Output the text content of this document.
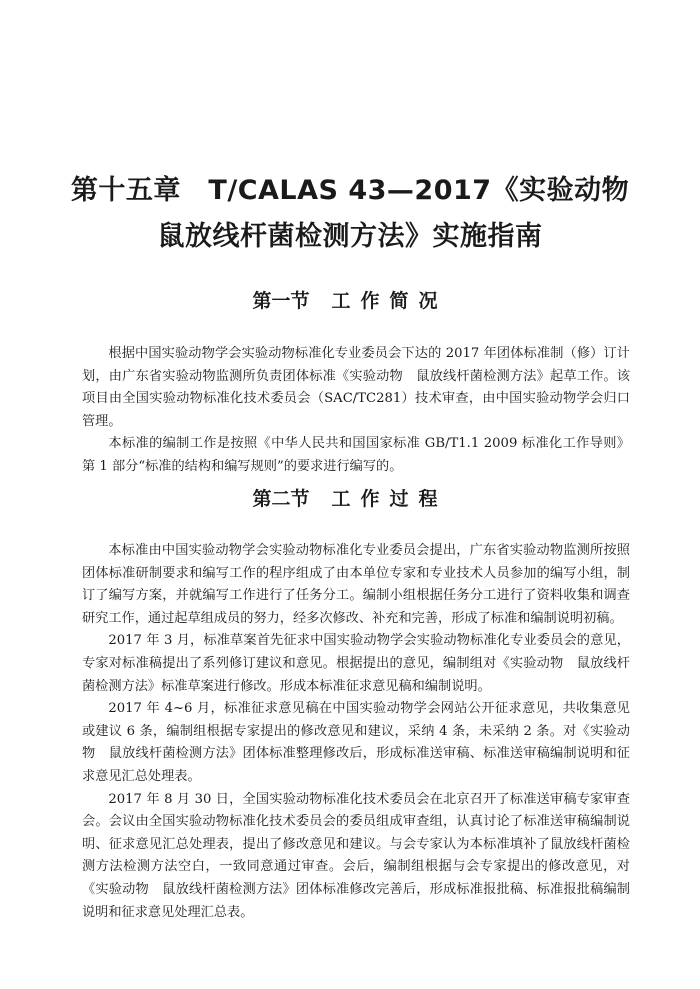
第十五章　T/CALAS 43—2017《实验动物　鼠放线杆菌检测方法》实施指南
第一节 工作简况

根据中国实验动物学会实验动物标准化专业委员会下达的 2017 年团体标准制（修）订计划，由广东省实验动物监测所负责团体标准《实验动物　鼠放线杆菌检测方法》起草工作。该项目由全国实验动物标准化技术委员会（SAC/TC281）技术审查，由中国实验动物学会归口管理。

本标准的编制工作是按照《中华人民共和国国家标准 GB/T1.1 2009 标准化工作导则》第 1 部分“标准的结构和编写规则”的要求进行编写的。

第二节 工作过程

本标准由中国实验动物学会实验动物标准化专业委员会提出，广东省实验动物监测所按照团体标准研制要求和编写工作的程序组成了由本单位专家和专业技术人员参加的编写小组，制订了编写方案，并就编写工作进行了任务分工。编制小组根据任务分工进行了资料收集和调查研究工作，通过起草组成员的努力，经多次修改、补充和完善，形成了标准和编制说明初稿。

2017 年 3 月，标准草案首先征求中国实验动物学会实验动物标准化专业委员会的意见，专家对标准稿提出了系列修订建议和意见。根据提出的意见，编制组对《实验动物　鼠放线杆菌检测方法》标准草案进行修改。形成本标准征求意见稿和编制说明。

2017 年 4~6 月，标准征求意见稿在中国实验动物学会网站公开征求意见，共收集意见或建议 6 条，编制组根据专家提出的修改意见和建议，采纳 4 条，未采纳 2 条。对《实验动物　鼠放线杆菌检测方法》团体标准整理修改后，形成标准送审稿、标准送审稿编制说明和征求意见汇总处理表。

2017 年 8 月 30 日，全国实验动物标准化技术委员会在北京召开了标准送审稿专家审查会。会议由全国实验动物标准化技术委员会的委员组成审查组，认真讨论了标准送审稿编制说明、征求意见汇总处理表，提出了修改意见和建议。与会专家认为本标准填补了鼠放线杆菌检测方法检测方法空白，一致同意通过审查。会后，编制组根据与会专家提出的修改意见，对《实验动物　鼠放线杆菌检测方法》团体标准修改完善后，形成标准报批稿、标准报批稿编制说明和征求意见处理汇总表。
